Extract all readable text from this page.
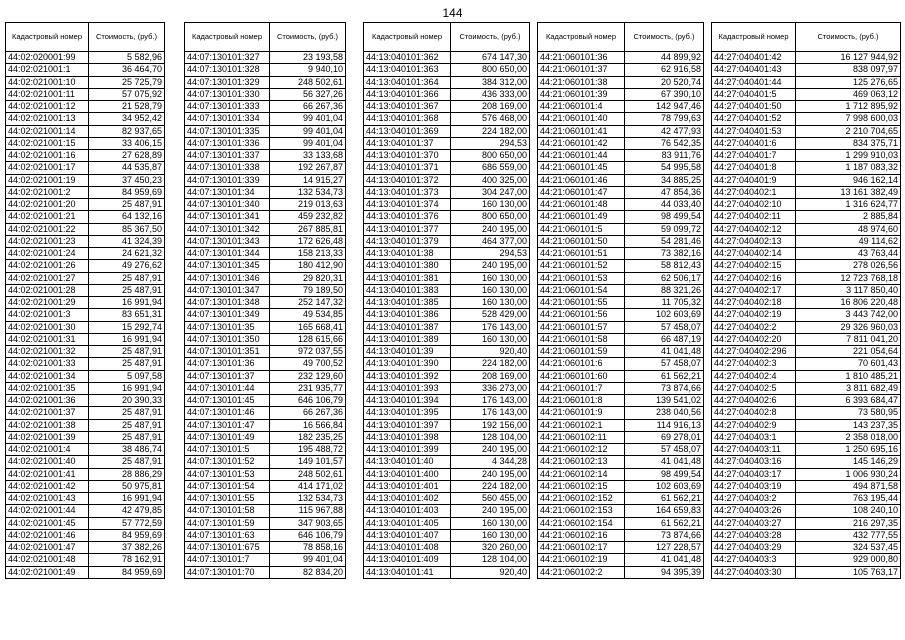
144
Кадастровый номер	Стоимость, (руб.)
44:02:020001:99	5 582,96
44:02:021001:1	36 464,70
44:02:021001:10	25 725,79
44:02:021001:11	57 075,92
44:02:021001:12	21 528,79
44:02:021001:13	34 952,42
44:02:021001:14	82 937,65
44:02:021001:15	33 406,15
44:02:021001:16	27 628,89
44:02:021001:17	44 535,87
44:02:021001:19	37 450,23
44:02:021001:2	84 959,69
44:02:021001:20	25 487,91
44:02:021001:21	64 132,16
44:02:021001:22	85 367,50
44:02:021001:23	41 324,39
44:02:021001:24	24 621,32
44:02:021001:26	49 276,62
44:02:021001:27	25 487,91
44:02:021001:28	25 487,91
44:02:021001:29	16 991,94
44:02:021001:3	83 651,31
44:02:021001:30	15 292,74
44:02:021001:31	16 991,94
44:02:021001:32	25 487,91
44:02:021001:33	25 487,91
44:02:021001:34	5 097,58
44:02:021001:35	16 991,94
44:02:021001:36	20 390,33
44:02:021001:37	25 487,91
44:02:021001:38	25 487,91
44:02:021001:39	25 487,91
44:02:021001:4	38 486,74
44:02:021001:40	25 487,91
44:02:021001:41	28 886,29
44:02:021001:42	50 975,81
44:02:021001:43	16 991,94
44:02:021001:44	42 479,85
44:02:021001:45	57 772,59
44:02:021001:46	84 959,69
44:02:021001:47	37 382,26
44:02:021001:48	78 162,91
44:02:021001:49	84 959,69
Кадастровый номер	Стоимость, (руб.)
44:07:130101:327	23 193,58
44:07:130101:328	9 940,10
44:07:130101:329	248 502,61
44:07:130101:330	56 327,26
44:07:130101:333	66 267,36
44:07:130101:334	99 401,04
44:07:130101:335	99 401,04
44:07:130101:336	99 401,04
44:07:130101:337	33 133,68
44:07:130101:338	192 267,87
44:07:130101:339	14 915,27
44:07:130101:34	132 534,73
44:07:130101:340	219 013,63
44:07:130101:341	459 232,82
44:07:130101:342	267 885,81
44:07:130101:343	172 626,48
44:07:130101:344	158 213,33
44:07:130101:345	180 412,90
44:07:130101:346	29 820,31
44:07:130101:347	79 189,50
44:07:130101:348	252 147,32
44:07:130101:349	49 534,85
44:07:130101:35	165 668,41
44:07:130101:350	128 615,66
44:07:130101:351	972 037,55
44:07:130101:36	49 700,52
44:07:130101:37	232 129,60
44:07:130101:44	231 935,77
44:07:130101:45	646 106,79
44:07:130101:46	66 267,36
44:07:130101:47	16 566,84
44:07:130101:49	182 235,25
44:07:130101:5	195 488,72
44:07:130101:52	149 101,57
44:07:130101:53	248 502,61
44:07:130101:54	414 171,02
44:07:130101:55	132 534,73
44:07:130101:58	115 967,88
44:07:130101:59	347 903,65
44:07:130101:63	646 106,79
44:07:130101:675	78 858,16
44:07:130101:7	99 401,04
44:07:130101:70	82 834,20
Кадастровый номер	Стоимость, (руб.)
44:13:040101:362	674 147,30
44:13:040101:363	800 650,00
44:13:040101:364	384 312,00
44:13:040101:366	436 333,00
44:13:040101:367	208 169,00
44:13:040101:368	576 468,00
44:13:040101:369	224 182,00
44:13:040101:37	294,53
44:13:040101:370	800 650,00
44:13:040101:371	686 559,00
44:13:040101:372	400 325,00
44:13:040101:373	304 247,00
44:13:040101:374	160 130,00
44:13:040101:376	800 650,00
44:13:040101:377	240 195,00
44:13:040101:379	464 377,00
44:13:040101:38	294,53
44:13:040101:380	240 195,00
44:13:040101:381	160 130,00
44:13:040101:383	160 130,00
44:13:040101:385	160 130,00
44:13:040101:386	528 429,00
44:13:040101:387	176 143,00
44:13:040101:389	160 130,00
44:13:040101:39	920,40
44:13:040101:390	224 182,00
44:13:040101:392	208 169,00
44:13:040101:393	336 273,00
44:13:040101:394	176 143,00
44:13:040101:395	176 143,00
44:13:040101:397	192 156,00
44:13:040101:398	128 104,00
44:13:040101:399	240 195,00
44:13:040101:40	4 344,28
44:13:040101:400	240 195,00
44:13:040101:401	224 182,00
44:13:040101:402	560 455,00
44:13:040101:403	240 195,00
44:13:040101:405	160 130,00
44:13:040101:407	160 130,00
44:13:040101:408	320 260,00
44:13:040101:409	128 104,00
44:13:040101:41	920,40
Кадастровый номер	Стоимость, (руб.)
44:21:060101:36	44 899,92
44:21:060101:37	62 916,58
44:21:060101:38	20 520,74
44:21:060101:39	67 390,10
44:21:060101:4	142 947,46
44:21:060101:40	78 799,63
44:21:060101:41	42 477,93
44:21:060101:42	76 542,35
44:21:060101:44	83 911,76
44:21:060101:45	54 995,58
44:21:060101:46	34 885,25
44:21:060101:47	47 854,36
44:21:060101:48	44 033,40
44:21:060101:49	98 499,54
44:21:060101:5	59 099,72
44:21:060101:50	54 281,46
44:21:060101:51	73 382,16
44:21:060101:52	58 812,43
44:21:060101:53	62 506,17
44:21:060101:54	88 321,26
44:21:060101:55	11 705,32
44:21:060101:56	102 603,69
44:21:060101:57	57 458,07
44:21:060101:58	66 487,19
44:21:060101:59	41 041,48
44:21:060101:6	57 458,07
44:21:060101:60	61 562,21
44:21:060101:7	73 874,66
44:21:060101:8	139 541,02
44:21:060101:9	238 040,56
44:21:060102:1	114 916,13
44:21:060102:11	69 278,01
44:21:060102:12	57 458,07
44:21:060102:13	41 041,48
44:21:060102:14	98 499,54
44:21:060102:15	102 603,69
44:21:060102:152	61 562,21
44:21:060102:153	164 659,83
44:21:060102:154	61 562,21
44:21:060102:16	73 874,66
44:21:060102:17	127 228,57
44:21:060102:19	41 041,48
44:21:060102:2	94 395,39
Кадастровый номер	Стоимость, (руб.)
44:27:040401:42	16 127 944,92
44:27:040401:43	838 097,97
44:27:040401:44	125 276,65
44:27:040401:5	469 063,12
44:27:040401:50	1 712 895,92
44:27:040401:52	7 998 600,03
44:27:040401:53	2 210 704,65
44:27:040401:6	834 375,71
44:27:040401:7	1 299 910,03
44:27:040401:8	1 187 083,32
44:27:040401:9	946 162,14
44:27:040402:1	13 161 382,49
44:27:040402:10	1 316 624,77
44:27:040402:11	2 885,84
44:27:040402:12	48 974,60
44:27:040402:13	49 114,62
44:27:040402:14	43 763,44
44:27:040402:15	278 026,56
44:27:040402:16	12 723 768,18
44:27:040402:17	3 117 850,40
44:27:040402:18	16 806 220,48
44:27:040402:19	3 443 742,00
44:27:040402:2	29 326 960,03
44:27:040402:20	7 811 041,20
44:27:040402:296	221 054,64
44:27:040402:3	70 601,43
44:27:040402:4	1 810 485,21
44:27:040402:5	3 811 682,49
44:27:040402:6	6 393 684,47
44:27:040402:8	73 580,95
44:27:040402:9	143 237,35
44:27:040403:1	2 358 018,00
44:27:040403:11	1 250 695,16
44:27:040403:16	145 146,29
44:27:040403:17	1 006 930,24
44:27:040403:19	494 871,58
44:27:040403:2	763 195,44
44:27:040403:26	108 240,10
44:27:040403:27	216 297,35
44:27:040403:28	432 777,55
44:27:040403:29	324 537,45
44:27:040403:3	929 000,80
44:27:040403:30	105 763,17
